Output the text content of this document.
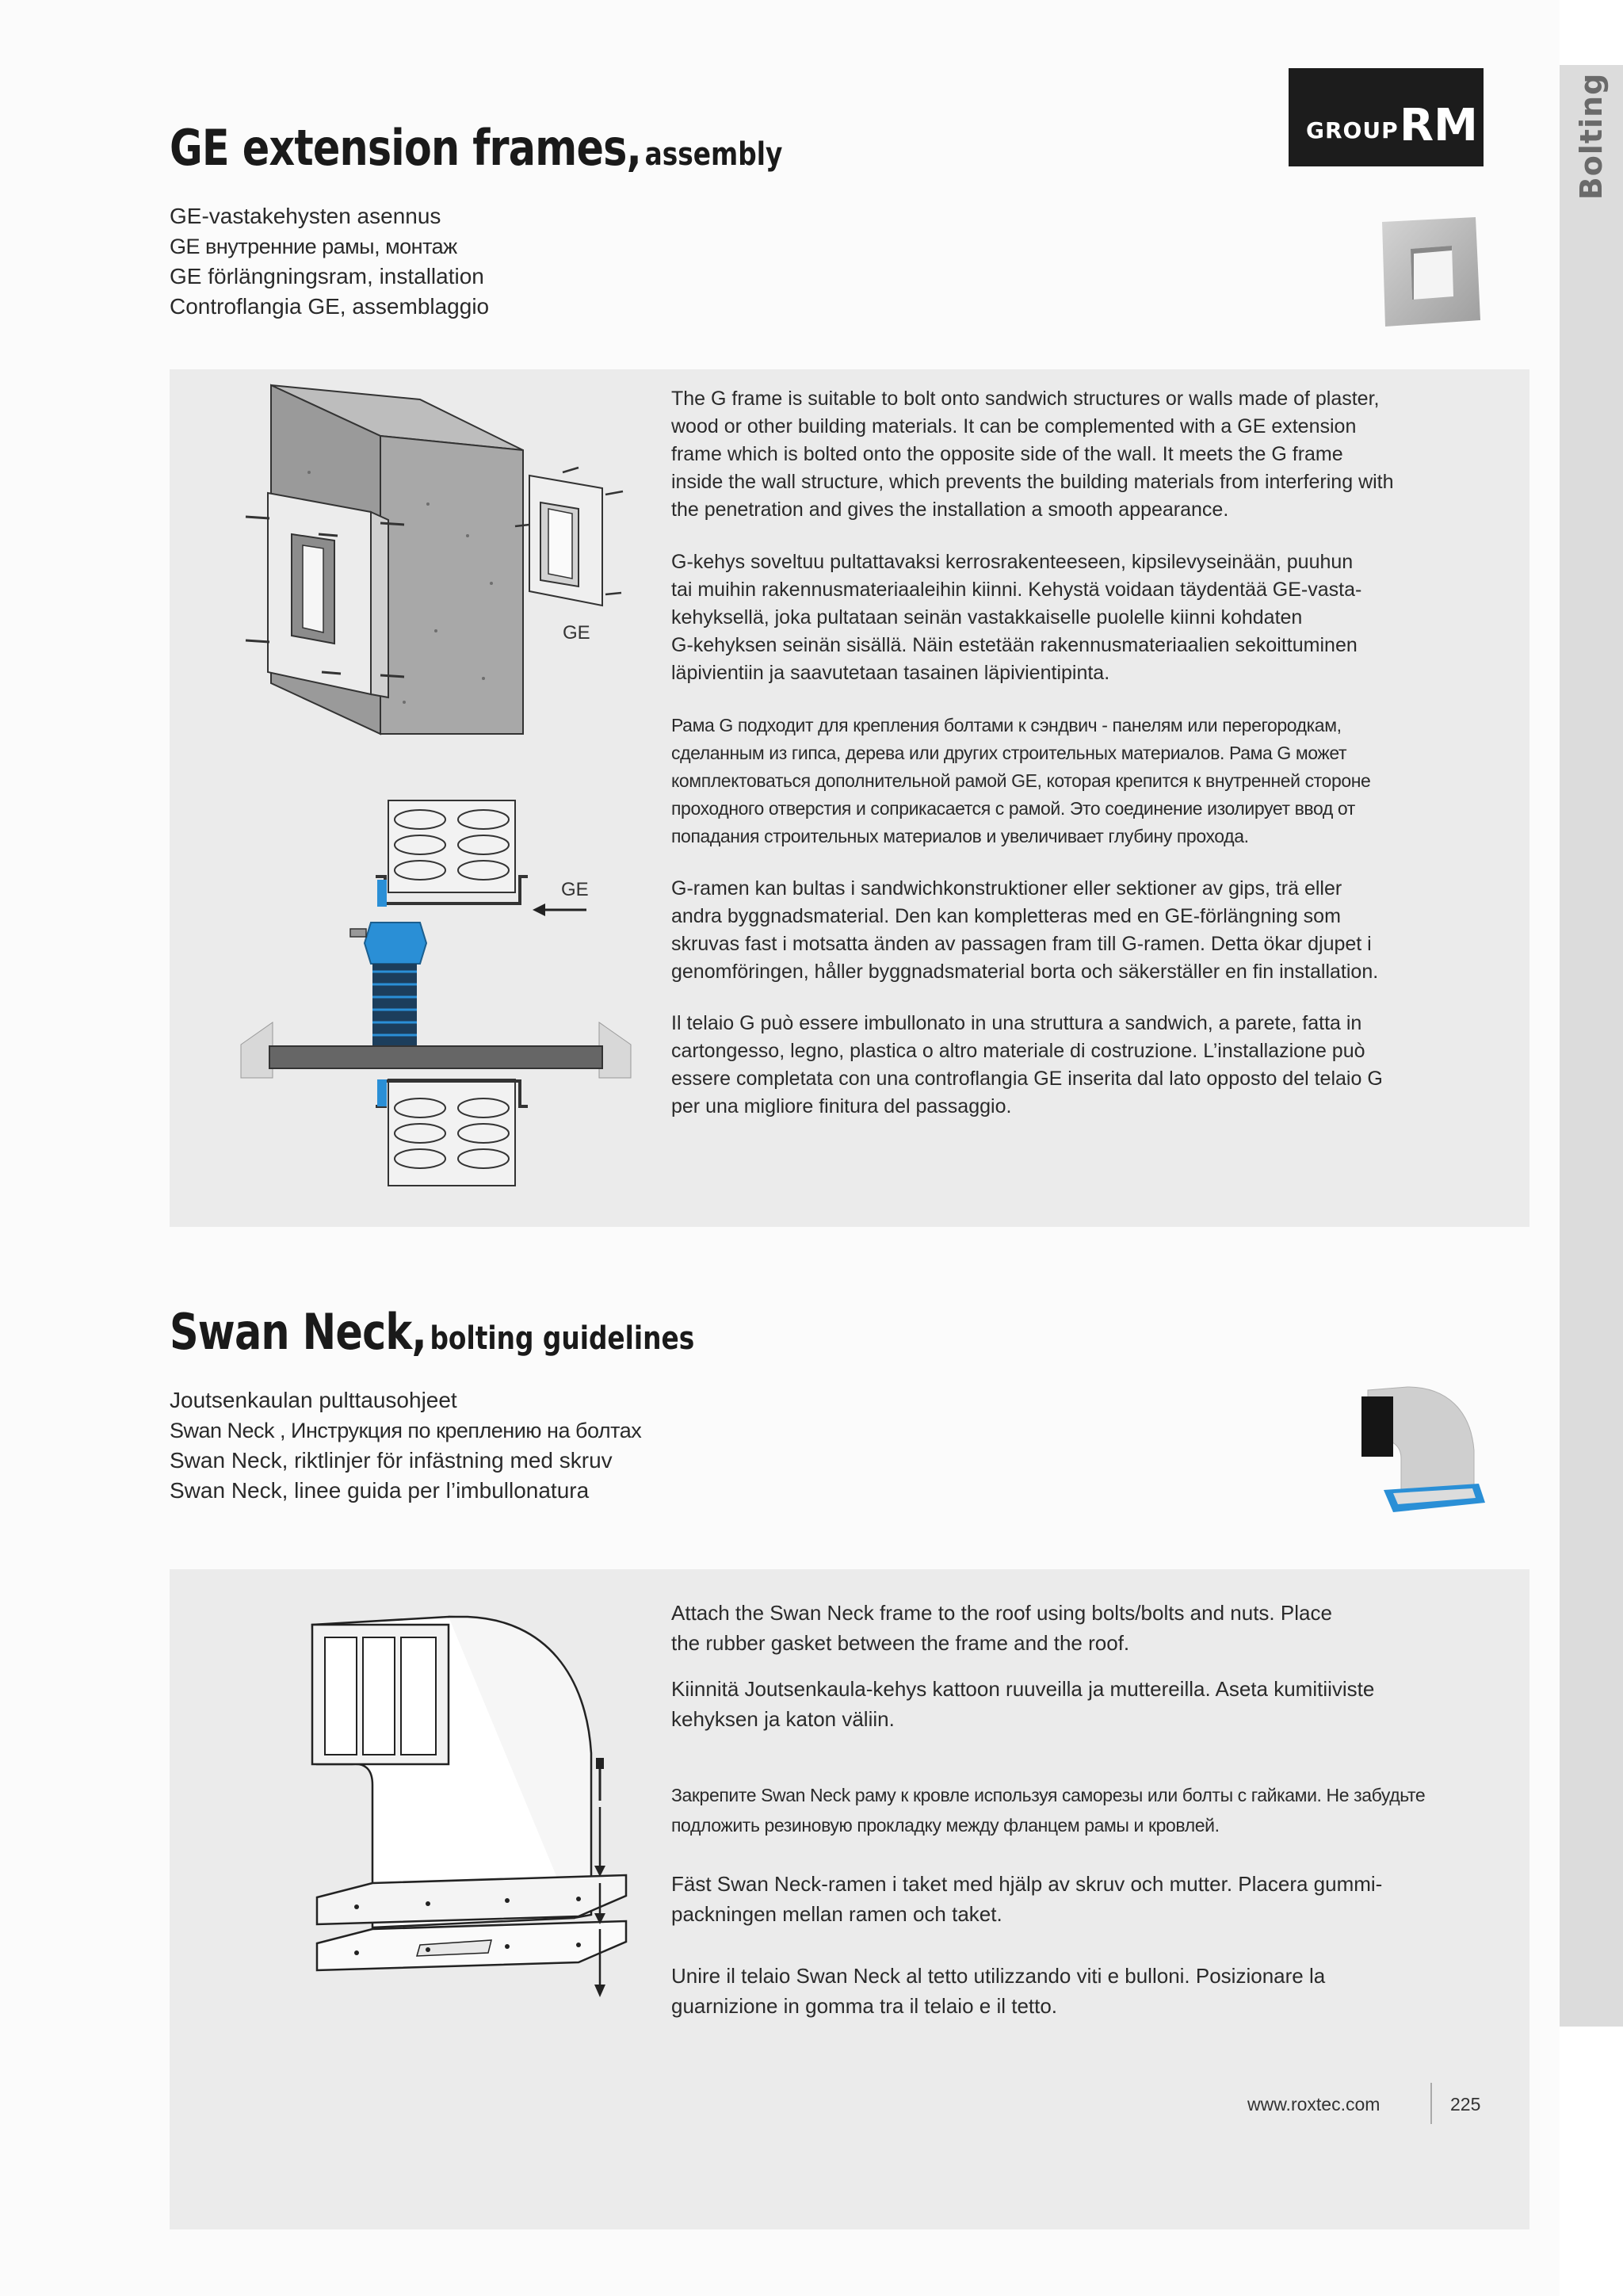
Bolting
GROUP RM
GE extension frames, assembly
GE-vastakehysten asennus
GE внутренние рамы, монтаж
GE förlängningsram, installation
Controflangia GE, assemblaggio
GE
GE
The G frame is suitable to bolt onto sandwich structures or walls made of plaster,
wood or other building materials. It can be complemented with a GE extension
frame which is bolted onto the opposite side of the wall. It meets the G frame
inside the wall structure, which prevents the building materials from interfering with
the penetration and gives the installation a smooth appearance.
G-kehys soveltuu pultattavaksi kerrosrakenteeseen, kipsilevyseinään, puuhun
tai muihin rakennusmateriaaleihin kiinni. Kehystä voidaan täydentää GE-vasta-
kehyksellä, joka pultataan seinän vastakkaiselle puolelle kiinni kohdaten
G-kehyksen seinän sisällä. Näin estetään rakennusmateriaalien sekoittuminen
läpivientiin ja saavutetaan tasainen läpivientipinta.
Рама G подходит для крепления болтами к сэндвич - панелям или перегородкам,
сделанным из гипса, дерева или других строительных материалов. Рама G может
комплектоваться дополнительной рамой GE, которая крепится к внутренней стороне
проходного отверстия и соприкасается с рамой. Это соединение изолирует ввод от
попадания строительных материалов и увеличивает глубину прохода.
G-ramen kan bultas i sandwichkonstruktioner eller sektioner av gips, trä eller
andra byggnadsmaterial. Den kan kompletteras med en GE-förlängning som
skruvas fast i motsatta änden av passagen fram till G-ramen. Detta ökar djupet i
genomföringen, håller byggnadsmaterial borta och säkerställer en fin installation.
Il telaio G può essere imbullonato in una struttura a sandwich, a parete, fatta in
cartongesso, legno, plastica o altro materiale di costruzione. L’installazione può
essere completata con una controflangia GE inserita dal lato opposto del telaio G
per una migliore finitura del passaggio.
Swan Neck, bolting guidelines
Joutsenkaulan pulttausohjeet
Swan Neck , Инструкция по креплению на болтах
Swan Neck, riktlinjer för infästning med skruv
Swan Neck, linee guida per l’imbullonatura
Attach the Swan Neck frame to the roof using bolts/bolts and nuts. Place
the rubber gasket between the frame and the roof.
Kiinnitä Joutsenkaula-kehys kattoon ruuveilla ja muttereilla. Aseta kumitiiviste
kehyksen ja katon väliin.
Закрепите Swan Neck раму к кровле используя саморезы или болты с гайками. Не забудьте
подложить резиновую прокладку между фланцем рамы и кровлей.
Fäst Swan Neck-ramen i taket med hjälp av skruv och mutter. Placera gummi-
packningen mellan ramen och taket.
Unire il telaio Swan Neck al tetto utilizzando viti e bulloni. Posizionare la
guarnizione in gomma tra il telaio e il tetto.
www.roxtec.com	225
